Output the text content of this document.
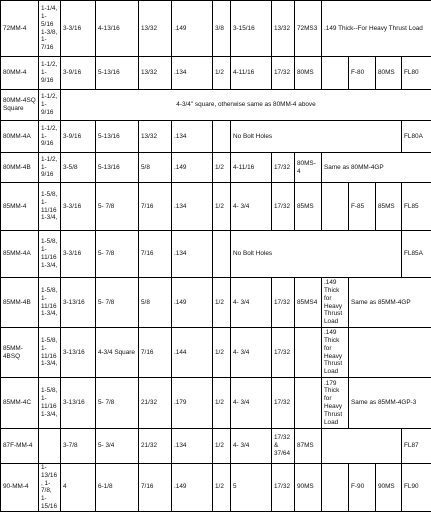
72MM-4	1-1/4, 1-5/16 1-3/8, 1-7/16	3-3/16	4-13/16	13/32	.149	3/8	3-15/16	13/32	72MS3	.149 Thick--For Heavy Thrust Load			
80MM-4	1-1/2, 1-9/16	3-9/16	5-13/16	13/32	.134	1/2	4-11/16	17/32	80MS		F-80	80MS	FL80
80MM-4SQ Square	1-1/2, 1-9/16	4-3/4" square, otherwise same as 80MM-4 above											
80MM-4A	1-1/2, 1-9/16	3-9/16	5-13/16	13/32	.134		No Bolt Holes						FL80A
80MM-4B	1-1/2, 1-9/16	3-5/8	5-13/16	5/8	.149	1/2	4-11/16	17/32	80MS-4	Same as 80MM-4GP			
85MM-4	1-5/8, 1-11/16 1-3/4,	3-3/16	5- 7/8	7/16	.134	1/2	4- 3/4	17/32	85MS		F-85	85MS	FL85
85MM-4A	1-5/8, 1-11/16 1-3/4,	3-3/16	5- 7/8	7/16	.134		No Bolt Holes						FL85A
85MM-4B	1-5/8, 1-11/16 1-3/4,	3-13/16	5- 7/8	5/8	.149	1/2	4- 3/4	17/32	85MS4	.149 Thick for Heavy Thrust Load	Same as 85MM-4GP		
85MM-4BSQ	1-5/8, 1-11/16 1-3/4,	3-13/16	4-3/4 Square	7/16	.144	1/2	4- 3/4	17/32		.149 Thick for Heavy Thrust Load			
85MM-4C	1-5/8, 1-11/16 1-3/4,	3-13/16	5- 7/8	21/32	.179	1/2	4- 3/4	17/32		.179 Thick for Heavy Thrust Load	Same as 85MM-4GP-3		
87F-MM-4		3-7/8	5- 3/4	21/32	.134	1/2	4- 3/4	17/32 & 37/64	87MS				FL87
90-MM-4	1-13/16, 1-7/8, 1-15/16	4	6-1/8	7/16	.149	1/2	5	17/32	90MS		F-90	90MS	FL90
